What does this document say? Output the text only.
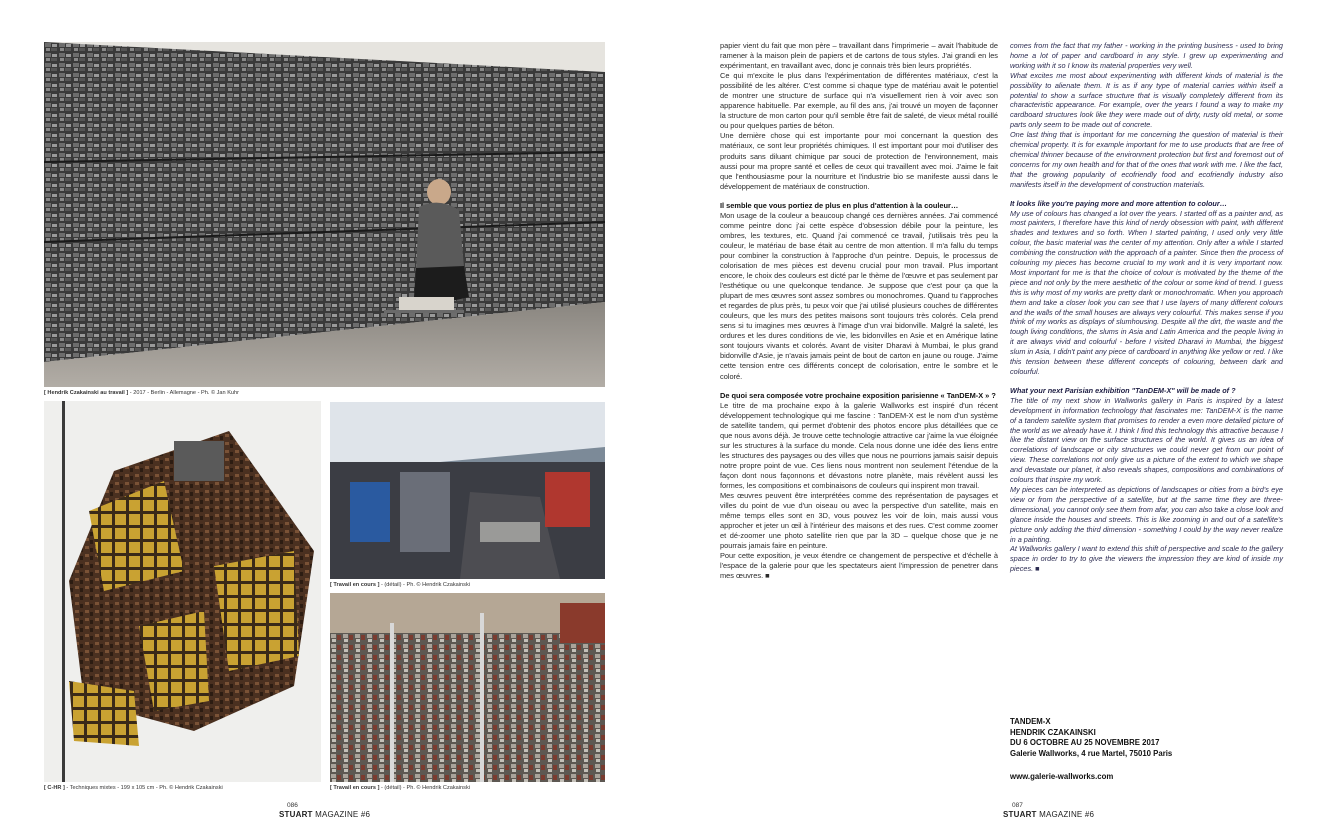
[ Hendrik Czakainski au travail ] - 2017 - Berlin - Allemagne - Ph. © Jan Kuhr
[ C-HR ] - Techniques mixtes - 199 x 105 cm - Ph. © Hendrik Czakainski
[ Travail en cours ] - (détail) - Ph. © Hendrik Czakainski
[ Travail en cours ] - (détail) - Ph. © Hendrik Czakainski

papier vient du fait que mon père – travaillant dans l'imprimerie – avait l'habitude de ramener à la maison plein de papiers et de cartons de tous styles. J'ai grandi en les expérimentant, en travaillant avec, donc je connais très bien leurs propriétés.

Ce qui m'excite le plus dans l'expérimentation de différentes matériaux, c'est la possibilité de les altérer. C'est comme si chaque type de matériau avait le potentiel de montrer une structure de surface qui n'a visuellement rien à voir avec son apparence habituelle. Par exemple, au fil des ans, j'ai trouvé un moyen de façonner la structure de mon carton pour qu'il semble être fait de saleté, de vieux métal rouillé ou pour quelques parties de béton.

Une dernière chose qui est importante pour moi concernant la question des matériaux, ce sont leur propriétés chimiques. Il est important pour moi d'utiliser des produits sans diluant chimique par souci de protection de l'environnement, mais aussi pour ma propre santé et celles de ceux qui travaillent avec moi. J'aime le fait que l'enthousiasme pour la nourriture et l'industrie bio se manifeste aussi dans le développement de matériaux de construction.

Il semble que vous portiez de plus en plus d'attention à la couleur…

Mon usage de la couleur a beaucoup changé ces dernières années. J'ai commencé comme peintre donc j'ai cette espèce d'obsession débile pour la peinture, les ombres, les textures, etc. Quand j'ai commencé ce travail, j'utilisais très peu la couleur, le matériau de base était au centre de mon attention. Il m'a fallu du temps pour combiner la construction à l'approche d'un peintre. Depuis, le processus de colorisation de mes pièces est devenu crucial pour mon travail. Plus important encore, le choix des couleurs est dicté par le thème de l'œuvre et pas seulement par l'esthétique ou une quelconque tendance. Je suppose que c'est pour ça que la plupart de mes œuvres sont assez sombres ou monochromes. Quand tu t'approches et regardes de plus près, tu peux voir que j'ai utilisé plusieurs couches de différentes couleurs, que les murs des petites maisons sont toujours très colorés. Cela prend sens si tu imagines mes œuvres à l'image d'un vrai bidonville. Malgré la saleté, les ordures et les dures conditions de vie, les bidonvilles en Asie et en Amérique latine sont toujours vivants et colorés. Avant de visiter Dharavi à Mumbai, le plus grand bidonville d'Asie, je n'avais jamais peint de bout de carton en jaune ou rouge. J'aime cette tension entre ces différents concept de colorisation, entre le sombre et le coloré.

De quoi sera composée votre prochaine exposition parisienne « TanDEM-X » ?

Le titre de ma prochaine expo à la galerie Wallworks est inspiré d'un récent développement technologique qui me fascine : TanDEM-X est le nom d'un système de satellite tandem, qui permet d'obtenir des photos encore plus détaillées que ce que nous avons déjà. Je trouve cette technologie attractive car j'aime la vue éloignée sur les structures à la surface du monde. Cela nous donne une idée des liens entre les structures des paysages ou des villes que nous ne pourrions jamais saisir depuis notre propre point de vue. Ces liens nous montrent non seulement l'étendue de la façon dont nous façonnons et dévastons notre planète, mais révèlent aussi les formes, les compositions et combinaisons de couleurs qui inspirent mon travail.

Mes œuvres peuvent être interprétées comme des représentation de paysages et villes du point de vue d'un oiseau ou avec la perspective d'un satellite, mais en même temps elles sont en 3D, vous pouvez les voir de loin, mais aussi vous approcher et jeter un œil à l'intérieur des maisons et des rues. C'est comme zoomer et dé-zoomer une photo satellite rien que par la 3D – quelque chose que je ne pourrais jamais faire en peinture.

Pour cette exposition, je veux étendre ce changement de perspective et d'échelle à l'espace de la galerie pour que les spectateurs aient l'impression de penetrer dans mes œuvres. ■

comes from the fact that my father - working in the printing business - used to bring home a lot of paper and cardboard in any style. I grew up experimenting and working with it so I know its material properties very well.

What excites me most about experimenting with different kinds of material is the possibility to alienate them. It is as if any type of material carries within itself a potential to show a surface structure that is visually completely different from its characteristic appearance. For example, over the years I found a way to make my cardboard structures look like they were made out of dirty, rusty old metal, or some parts only seem to be made out of concrete.

One last thing that is important for me concerning the question of material is their chemical property. It is for example important for me to use products that are free of chemical thinner because of the environment protection but first and foremost out of concerns for my own health and for that of the ones that work with me. I like the fact, that the growing popularity of ecofriendly food and ecofriendly industry also manifests itself in the development of construction materials.

It looks like you're paying more and more attention to colour…

My use of colours has changed a lot over the years. I started off as a painter and, as most painters, I therefore have this kind of nerdy obsession with paint, with different shades and textures and so forth. When I started painting, I used only very little colour, the basic material was the center of my attention. Only after a while I started combining the construction with the approach of a painter. Since then the process of colouring my pieces has become crucial to my work and it is very important now. Most important for me is that the choice of colour is motivated by the theme of the piece and not only by the mere aesthetic of the colour or some kind of trend. I guess this is why most of my works are pretty dark or monochromatic. When you approach them and take a closer look you can see that I use layers of many different colours and the walls of the small houses are always very colourful. This makes sense if you think of my works as displays of slumhousing. Despite all the dirt, the waste and the tough living conditions, the slums in Asia and Latin America and the people living in it are always vivid and colourful - before I visited Dharavi in Mumbai, the biggest slum in Asia, I didn't paint any piece of cardboard in anything like yellow or red. I like this tension between these different concepts of colouring, between dark and colourful.

What your next Parisian exhibition "TanDEM-X" will be made of ?

The title of my next show in Wallworks gallery in Paris is inspired by a latest development in information technology that fascinates me: TanDEM-X is the name of a tandem satellite system that promises to render a even more detailed picture of the world as we already have it. I think I find this technology this attractive because I like the distant view on the surface structures of the world. It gives us an idea of correlations of landscape or city structures we could never get from our point of view. These correlations not only give us a picture of the extent to which we shape and devastate our planet, it also reveals shapes, compositions and combinations of colours that inspire my work.

My pieces can be interpreted as depictions of landscapes or cities from a bird's eye view or from the perspective of a satellite, but at the same time they are three-dimensional, you cannot only see them from afar, you can also take a close look and glance inside the houses and streets. This is like zooming in and out of a satellite's picture only adding the third dimension - something I could by the way never realize in a painting.

At Wallworks gallery I want to extend this shift of perspective and scale to the gallery space in order to try to give the viewers the impression they are kind of inside my pieces. ■

TANDEM-X
HENDRIK CZAKAINSKI
DU 6 OCTOBRE AU 25 NOVEMBRE 2017
Galerie Wallworks, 4 rue Martel, 75010 Paris
www.galerie-wallworks.com
086
STUART MAGAZINE #6
087
STUART MAGAZINE #6
